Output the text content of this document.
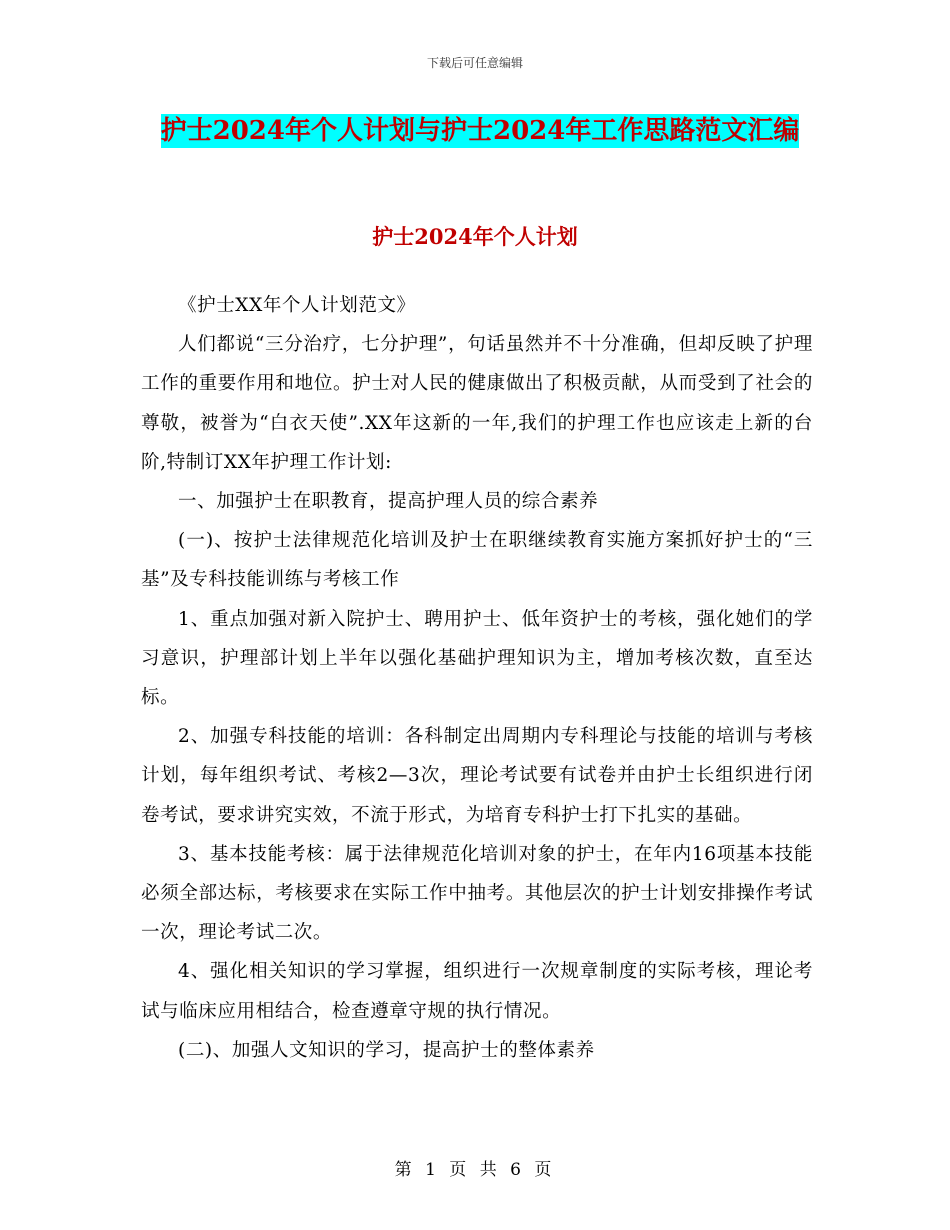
下载后可任意编辑
护士2024年个人计划与护士2024年工作思路范文汇编
护士2024年个人计划

《护士XX年个人计划范文》

人们都说“三分治疗，七分护理”，句话虽然并不十分准确，但却反映了护理工作的重要作用和地位。护士对人民的健康做出了积极贡献，从而受到了社会的尊敬，被誉为“白衣天使”.XX年这新的一年,我们的护理工作也应该走上新的台阶,特制订XX年护理工作计划:

一、加强护士在职教育，提高护理人员的综合素养

(一)、按护士法律规范化培训及护士在职继续教育实施方案抓好护士的“三基”及专科技能训练与考核工作

1、重点加强对新入院护士、聘用护士、低年资护士的考核，强化她们的学习意识，护理部计划上半年以强化基础护理知识为主，增加考核次数，直至达标。

2、加强专科技能的培训：各科制定出周期内专科理论与技能的培训与考核计划，每年组织考试、考核2—3次，理论考试要有试卷并由护士长组织进行闭卷考试，要求讲究实效，不流于形式，为培育专科护士打下扎实的基础。

3、基本技能考核：属于法律规范化培训对象的护士，在年内16项基本技能必须全部达标，考核要求在实际工作中抽考。其他层次的护士计划安排操作考试一次，理论考试二次。

4、强化相关知识的学习掌握，组织进行一次规章制度的实际考核，理论考试与临床应用相结合，检查遵章守规的执行情况。

(二)、加强人文知识的学习，提高护士的整体素养

第 1 页 共 6 页
